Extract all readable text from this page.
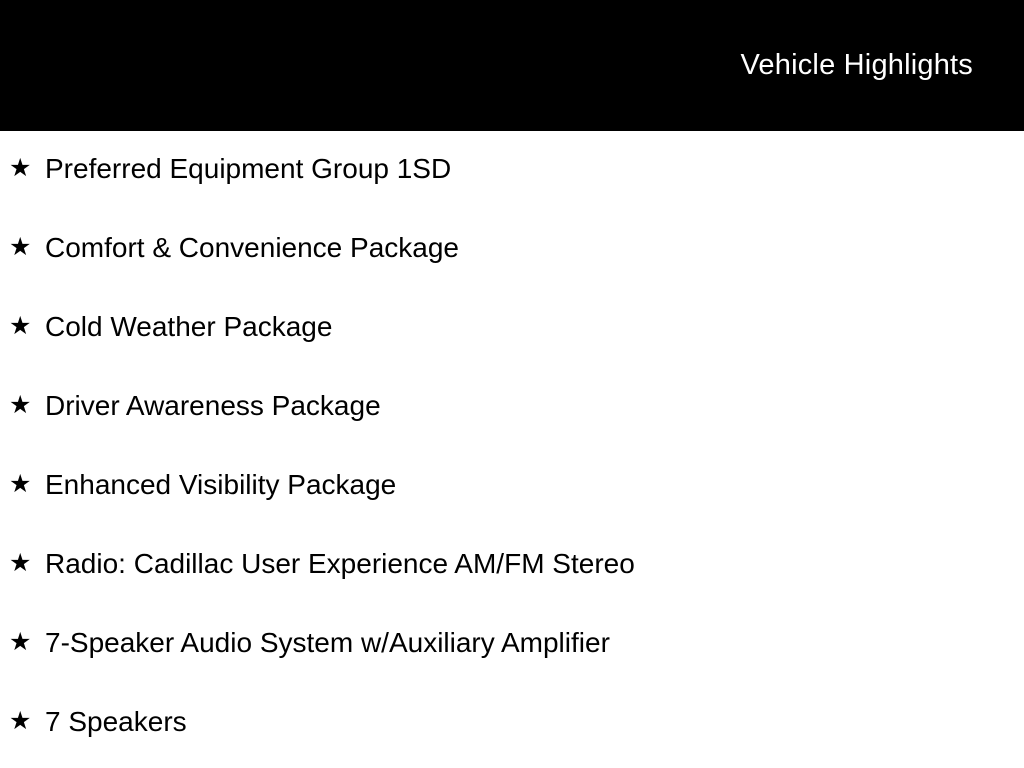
Vehicle Highlights
★ Preferred Equipment Group 1SD
★ Comfort & Convenience Package
★ Cold Weather Package
★ Driver Awareness Package
★ Enhanced Visibility Package
★ Radio: Cadillac User Experience AM/FM Stereo
★ 7-Speaker Audio System w/Auxiliary Amplifier
★ 7 Speakers
